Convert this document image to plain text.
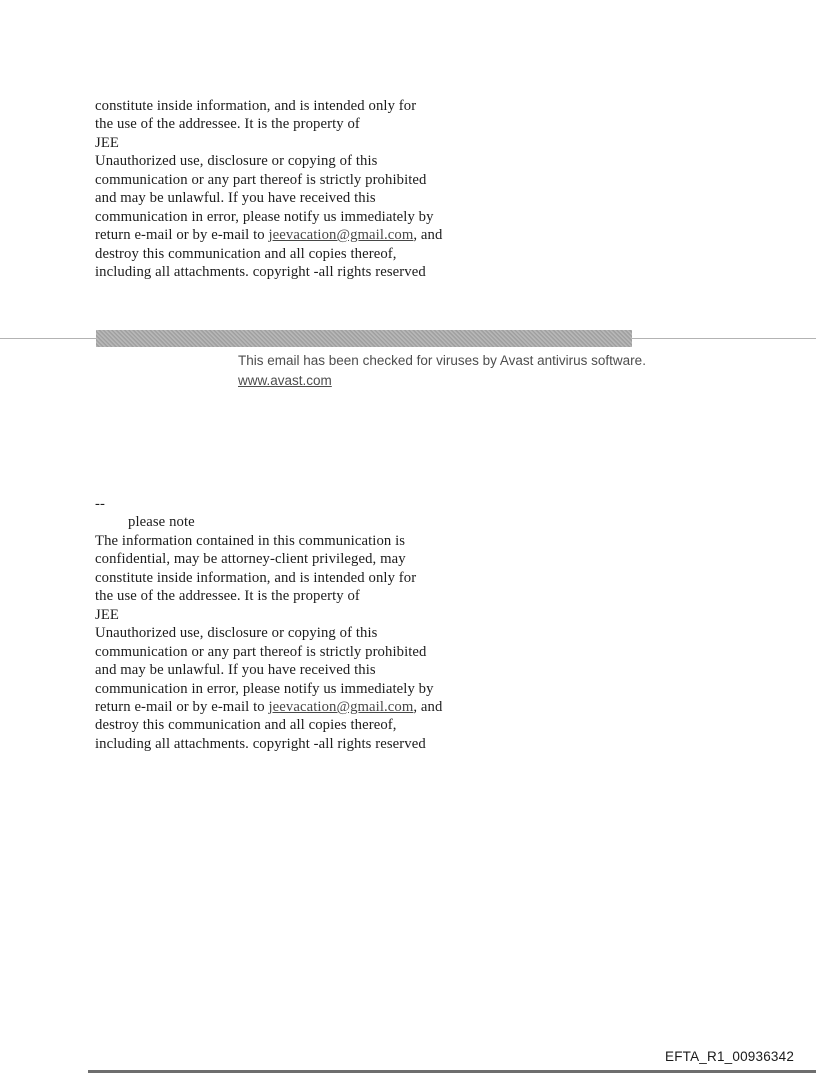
constitute inside information, and is intended only for
the use of the addressee. It is the property of
JEE
Unauthorized use, disclosure or copying of this
communication or any part thereof is strictly prohibited
and may be unlawful. If you have received this
communication in error, please notify us immediately by
return e-mail or by e-mail to jeevacation@gmail.com, and
destroy this communication and all copies thereof,
including all attachments. copyright -all rights reserved
This email has been checked for viruses by Avast antivirus software.
www.avast.com
--
please note
The information contained in this communication is
confidential, may be attorney-client privileged, may
constitute inside information, and is intended only for
the use of the addressee. It is the property of
JEE
Unauthorized use, disclosure or copying of this
communication or any part thereof is strictly prohibited
and may be unlawful. If you have received this
communication in error, please notify us immediately by
return e-mail or by e-mail to jeevacation@gmail.com, and
destroy this communication and all copies thereof,
including all attachments. copyright -all rights reserved
EFTA_R1_00936342
